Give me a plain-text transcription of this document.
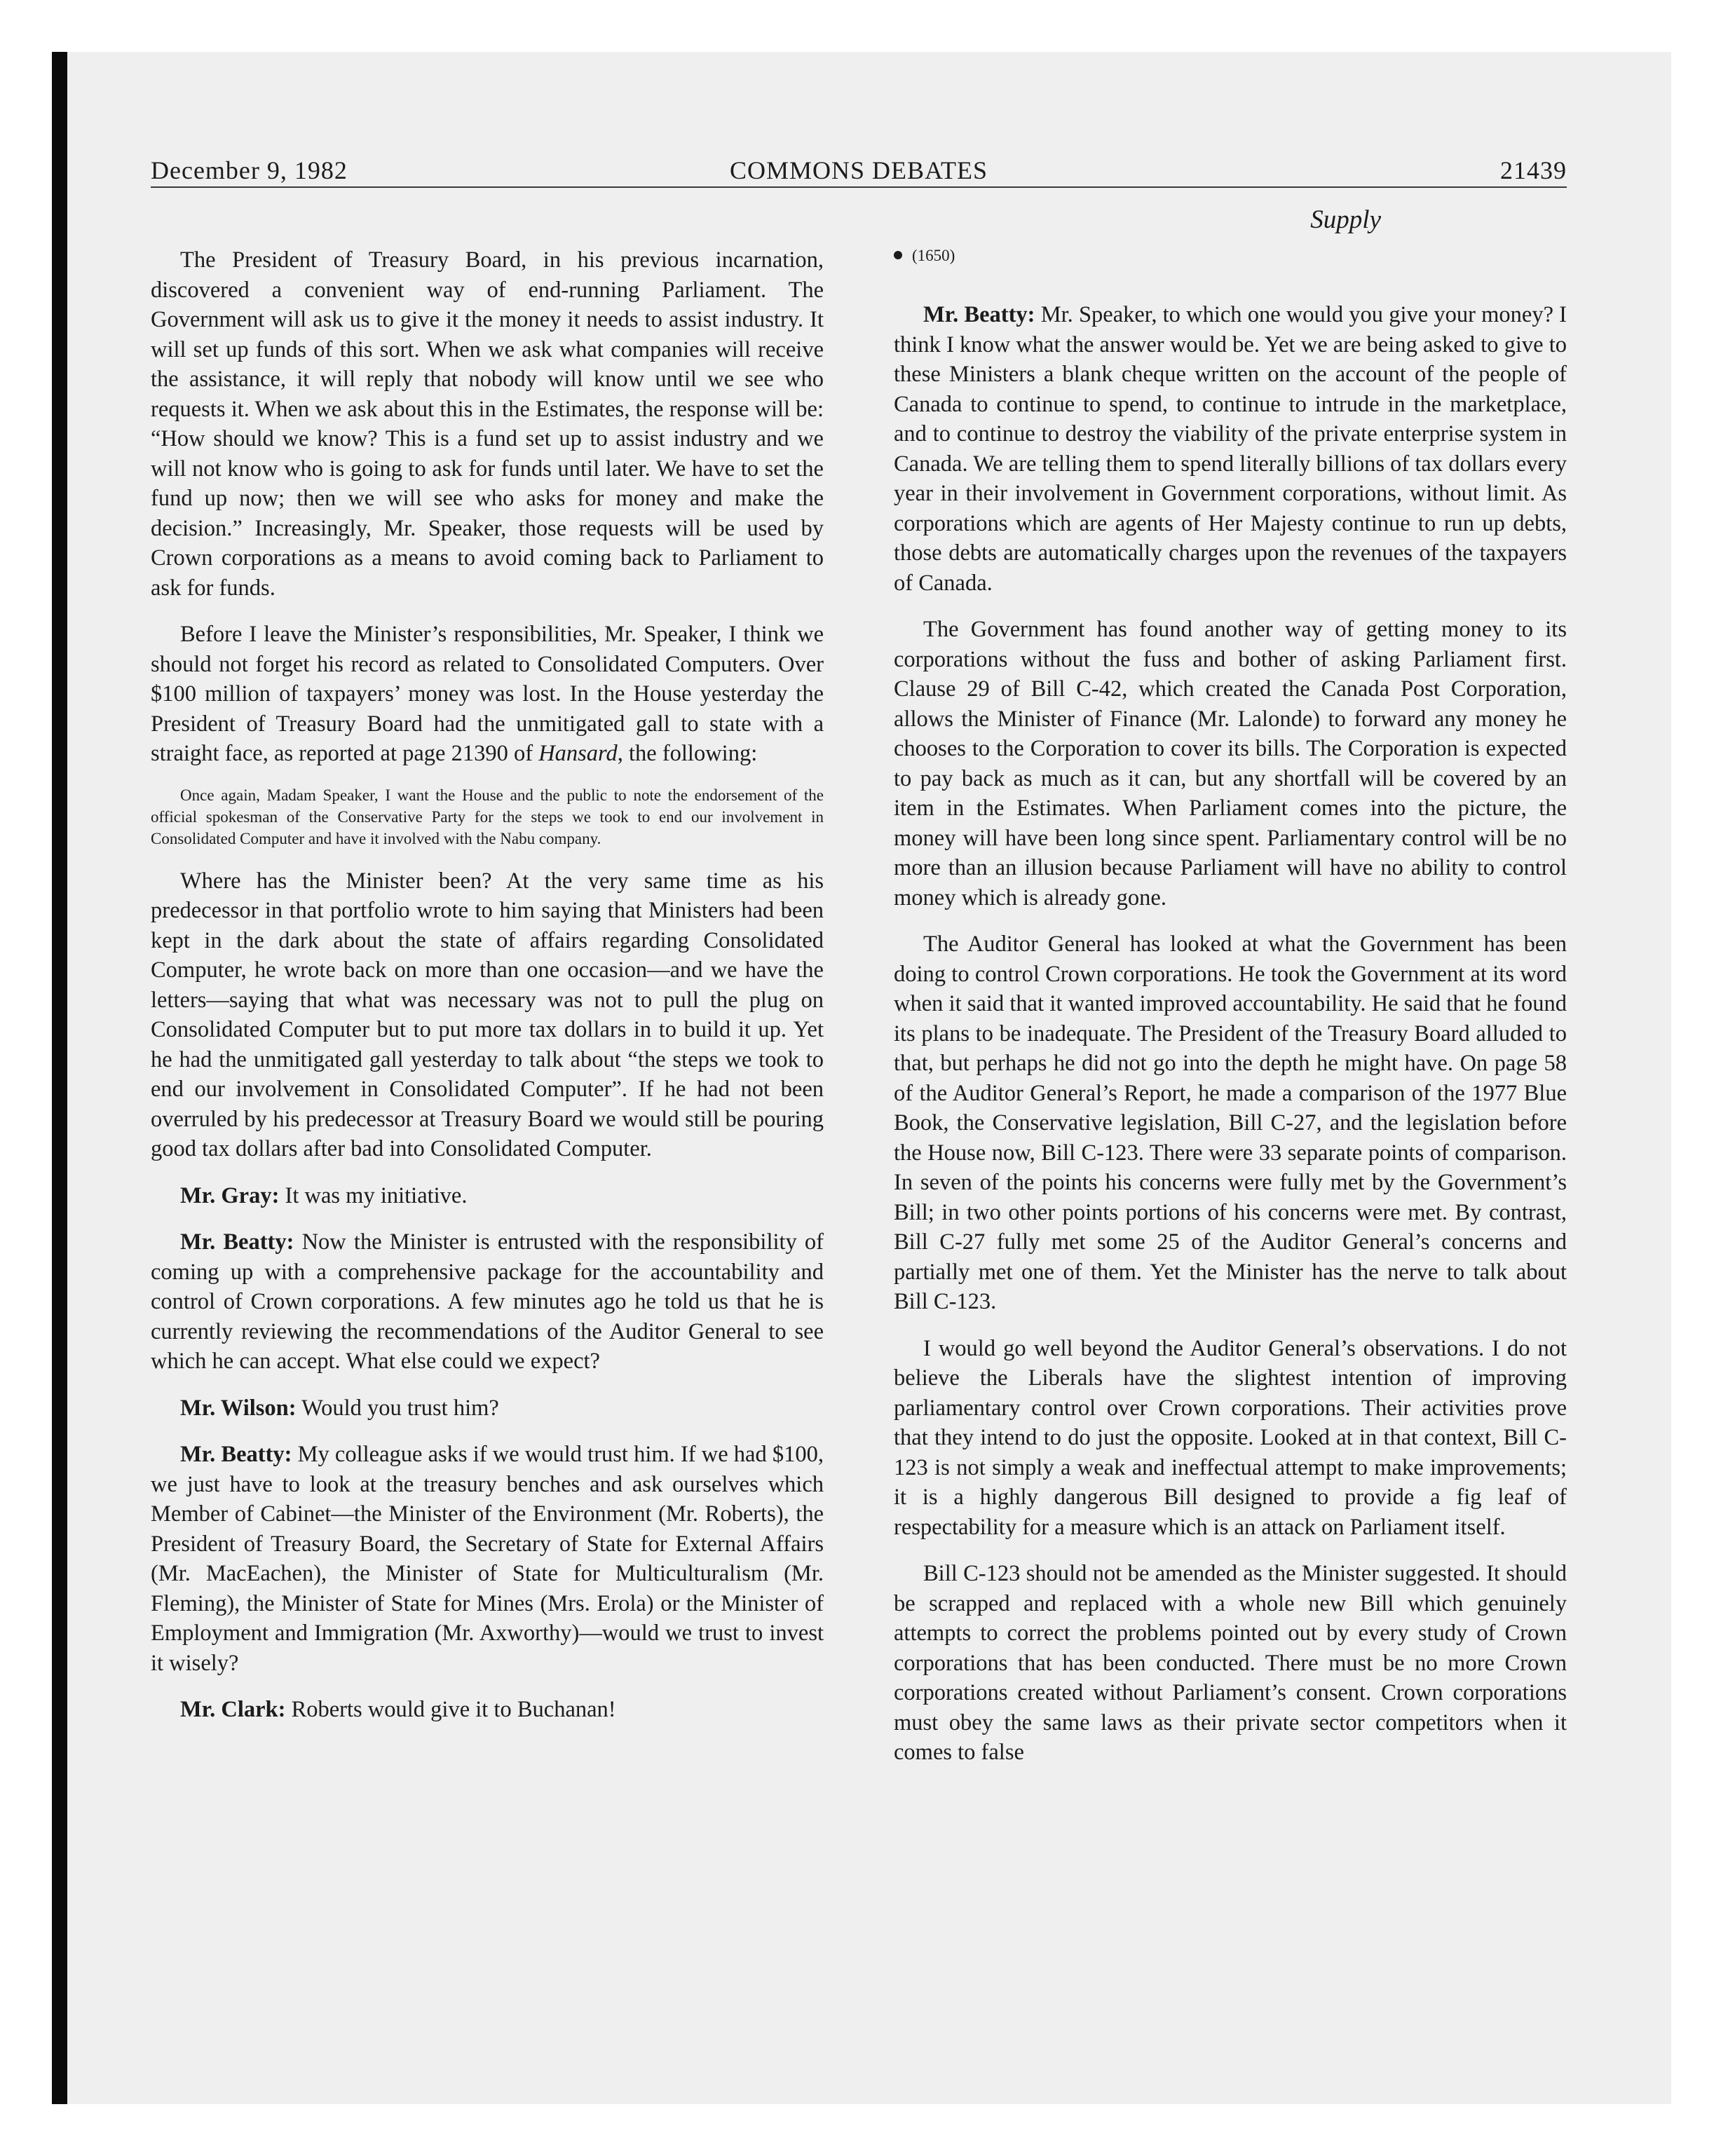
December 9, 1982	COMMONS DEBATES	21439
Supply

The President of Treasury Board, in his previous incarnation, discovered a convenient way of end-running Parliament. The Government will ask us to give it the money it needs to assist industry. It will set up funds of this sort. When we ask what companies will receive the assistance, it will reply that nobody will know until we see who requests it. When we ask about this in the Estimates, the response will be: “How should we know? This is a fund set up to assist industry and we will not know who is going to ask for funds until later. We have to set the fund up now; then we will see who asks for money and make the decision.” Increasingly, Mr. Speaker, those requests will be used by Crown corporations as a means to avoid coming back to Parliament to ask for funds.

Before I leave the Minister’s responsibilities, Mr. Speaker, I think we should not forget his record as related to Consolidated Computers. Over $100 million of taxpayers’ money was lost. In the House yesterday the President of Treasury Board had the unmitigated gall to state with a straight face, as reported at page 21390 of Hansard, the following:

Once again, Madam Speaker, I want the House and the public to note the endorsement of the official spokesman of the Conservative Party for the steps we took to end our involvement in Consolidated Computer and have it involved with the Nabu company.

Where has the Minister been? At the very same time as his predecessor in that portfolio wrote to him saying that Ministers had been kept in the dark about the state of affairs regarding Consolidated Computer, he wrote back on more than one occasion—and we have the letters—saying that what was necessary was not to pull the plug on Consolidated Computer but to put more tax dollars in to build it up. Yet he had the unmitigated gall yesterday to talk about “the steps we took to end our involvement in Consolidated Computer”. If he had not been overruled by his predecessor at Treasury Board we would still be pouring good tax dollars after bad into Consolidated Computer.

Mr. Gray: It was my initiative.

Mr. Beatty: Now the Minister is entrusted with the responsibility of coming up with a comprehensive package for the accountability and control of Crown corporations. A few minutes ago he told us that he is currently reviewing the recommendations of the Auditor General to see which he can accept. What else could we expect?

Mr. Wilson: Would you trust him?

Mr. Beatty: My colleague asks if we would trust him. If we had $100, we just have to look at the treasury benches and ask ourselves which Member of Cabinet—the Minister of the Environment (Mr. Roberts), the President of Treasury Board, the Secretary of State for External Affairs (Mr. MacEachen), the Minister of State for Multiculturalism (Mr. Fleming), the Minister of State for Mines (Mrs. Erola) or the Minister of Employment and Immigration (Mr. Axworthy)—would we trust to invest it wisely?

Mr. Clark: Roberts would give it to Buchanan!

(1650)

Mr. Beatty: Mr. Speaker, to which one would you give your money? I think I know what the answer would be. Yet we are being asked to give to these Ministers a blank cheque written on the account of the people of Canada to continue to spend, to continue to intrude in the marketplace, and to continue to destroy the viability of the private enterprise system in Canada. We are telling them to spend literally billions of tax dollars every year in their involvement in Government corporations, without limit. As corporations which are agents of Her Majesty continue to run up debts, those debts are automatically charges upon the revenues of the taxpayers of Canada.

The Government has found another way of getting money to its corporations without the fuss and bother of asking Parliament first. Clause 29 of Bill C-42, which created the Canada Post Corporation, allows the Minister of Finance (Mr. Lalonde) to forward any money he chooses to the Corporation to cover its bills. The Corporation is expected to pay back as much as it can, but any shortfall will be covered by an item in the Estimates. When Parliament comes into the picture, the money will have been long since spent. Parliamentary control will be no more than an illusion because Parliament will have no ability to control money which is already gone.

The Auditor General has looked at what the Government has been doing to control Crown corporations. He took the Government at its word when it said that it wanted improved accountability. He said that he found its plans to be inadequate. The President of the Treasury Board alluded to that, but perhaps he did not go into the depth he might have. On page 58 of the Auditor General’s Report, he made a comparison of the 1977 Blue Book, the Conservative legislation, Bill C-27, and the legislation before the House now, Bill C-123. There were 33 separate points of comparison. In seven of the points his concerns were fully met by the Government’s Bill; in two other points portions of his concerns were met. By contrast, Bill C-27 fully met some 25 of the Auditor General’s concerns and partially met one of them. Yet the Minister has the nerve to talk about Bill C-123.

I would go well beyond the Auditor General’s observations. I do not believe the Liberals have the slightest intention of improving parliamentary control over Crown corporations. Their activities prove that they intend to do just the opposite. Looked at in that context, Bill C-123 is not simply a weak and ineffectual attempt to make improvements; it is a highly dangerous Bill designed to provide a fig leaf of respectability for a measure which is an attack on Parliament itself.

Bill C-123 should not be amended as the Minister suggested. It should be scrapped and replaced with a whole new Bill which genuinely attempts to correct the problems pointed out by every study of Crown corporations that has been conducted. There must be no more Crown corporations created without Parliament’s consent. Crown corporations must obey the same laws as their private sector competitors when it comes to false
